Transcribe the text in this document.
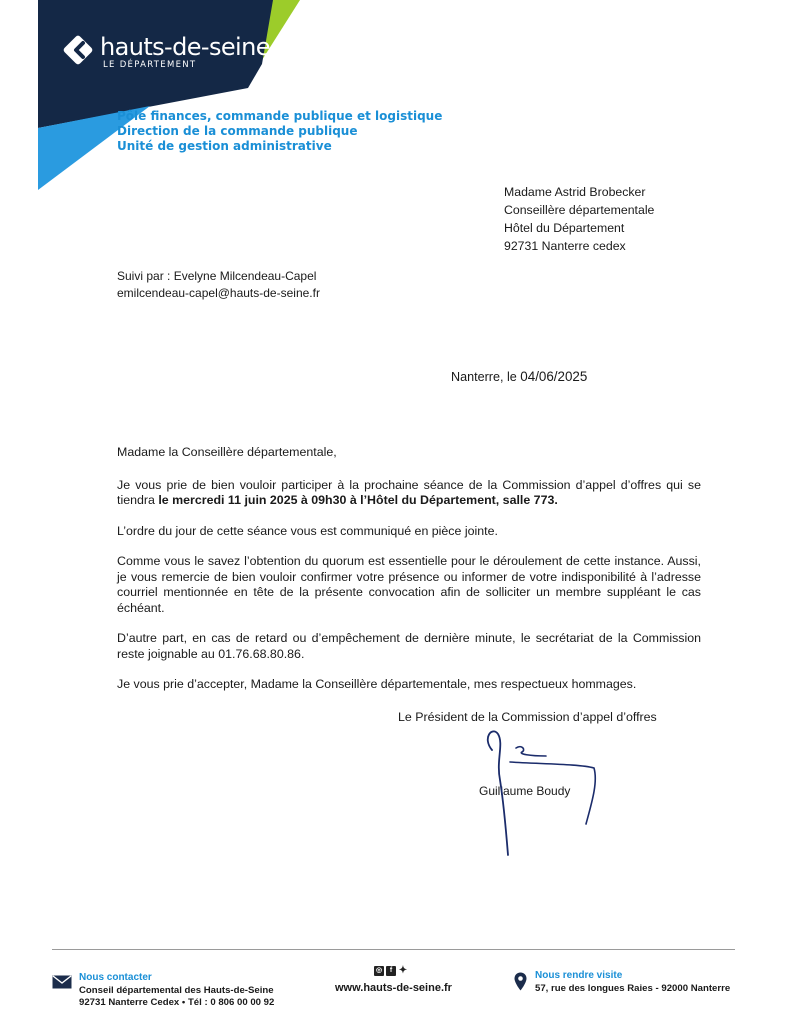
hauts-de-seine
LE DÉPARTEMENT
Pôle finances, commande publique et logistique
Direction de la commande publique
Unité de gestion administrative
Madame Astrid Brobecker
Conseillère départementale
Hôtel du Département
92731 Nanterre cedex
Suivi par : Evelyne Milcendeau-Capel
emilcendeau-capel@hauts-de-seine.fr
Nanterre, le 04/06/2025

Madame la Conseillère départementale,

Je vous prie de bien vouloir participer à la prochaine séance de la Commission d’appel d’offres qui se tiendra le mercredi 11 juin 2025 à 09h30 à l’Hôtel du Département, salle 773.

L’ordre du jour de cette séance vous est communiqué en pièce jointe.

Comme vous le savez l’obtention du quorum est essentielle pour le déroulement de cette instance. Aussi, je vous remercie de bien vouloir confirmer votre présence ou informer de votre indisponibilité à l’adresse courriel mentionnée en tête de la présente convocation afin de solliciter un membre suppléant le cas échéant.

D’autre part, en cas de retard ou d’empêchement de dernière minute, le secrétariat de la Commission reste joignable au 01.76.68.80.86.

Je vous prie d’accepter, Madame la Conseillère départementale, mes respectueux hommages.

Le Président de la Commission d’appel d’offres
Guillaume Boudy
Nous contacter
Conseil départemental des Hauts-de-Seine
92731 Nanterre Cedex • Tél : 0 806 00 00 92
◎	f ✦
www.hauts-de-seine.fr
Nous rendre visite
57, rue des longues Raies - 92000 Nanterre
